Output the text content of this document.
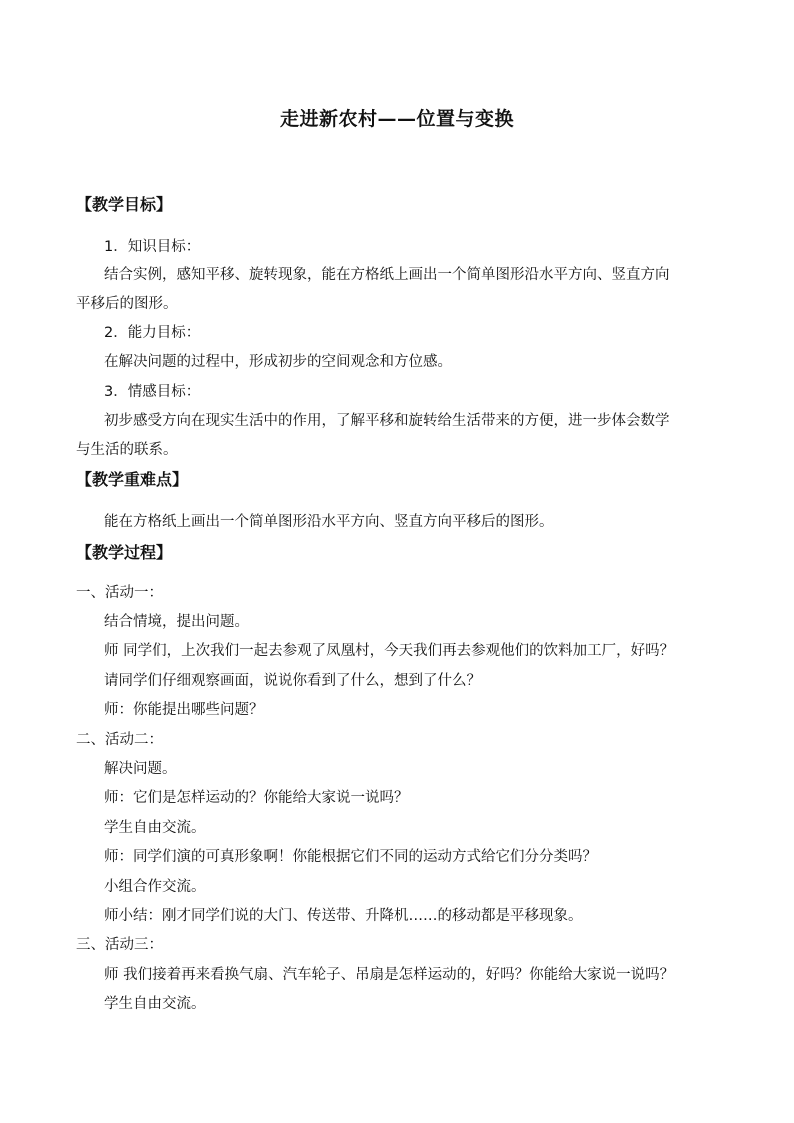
走进新农村——位置与变换
【教学目标】
1．知识目标：
结合实例，感知平移、旋转现象，能在方格纸上画出一个简单图形沿水平方向、竖直方向
平移后的图形。
2．能力目标：
在解决问题的过程中，形成初步的空间观念和方位感。
3．情感目标：
初步感受方向在现实生活中的作用，了解平移和旋转给生活带来的方便，进一步体会数学
与生活的联系。
【教学重难点】
能在方格纸上画出一个简单图形沿水平方向、竖直方向平移后的图形。
【教学过程】
一、活动一：
结合情境，提出问题。
师 同学们，上次我们一起去参观了凤凰村，今天我们再去参观他们的饮料加工厂，好吗？
请同学们仔细观察画面，说说你看到了什么，想到了什么？
师：你能提出哪些问题？
二、活动二：
解决问题。
师：它们是怎样运动的？你能给大家说一说吗？
学生自由交流。
师：同学们演的可真形象啊！你能根据它们不同的运动方式给它们分分类吗？
小组合作交流。
师小结：刚才同学们说的大门、传送带、升降机……的移动都是平移现象。
三、活动三：
师 我们接着再来看换气扇、汽车轮子、吊扇是怎样运动的，好吗？你能给大家说一说吗？
学生自由交流。
